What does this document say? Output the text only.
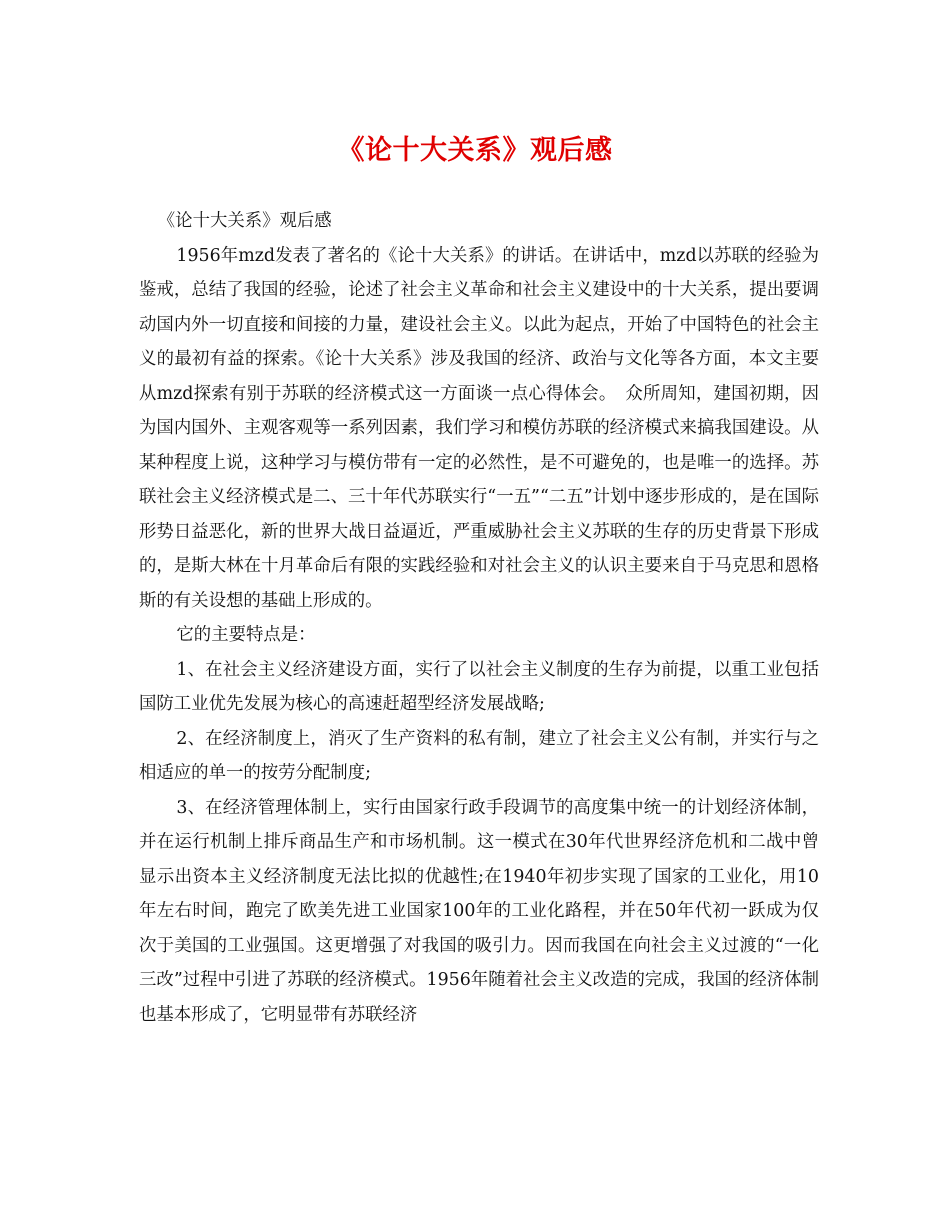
《论十大关系》观后感

《论十大关系》观后感

1956年mzd发表了著名的《论十大关系》的讲话。在讲话中，mzd以苏联的经验为鉴戒，总结了我国的经验，论述了社会主义革命和社会主义建设中的十大关系，提出要调动国内外一切直接和间接的力量，建设社会主义。以此为起点，开始了中国特色的社会主义的最初有益的探索。《论十大关系》涉及我国的经济、政治与文化等各方面，本文主要从mzd探索有别于苏联的经济模式这一方面谈一点心得体会。　众所周知，建国初期，因为国内国外、主观客观等一系列因素，我们学习和模仿苏联的经济模式来搞我国建设。从某种程度上说，这种学习与模仿带有一定的必然性，是不可避免的，也是唯一的选择。苏联社会主义经济模式是二、三十年代苏联实行“一五”“二五”计划中逐步形成的，是在国际形势日益恶化，新的世界大战日益逼近，严重威胁社会主义苏联的生存的历史背景下形成的，是斯大林在十月革命后有限的实践经验和对社会主义的认识主要来自于马克思和恩格斯的有关设想的基础上形成的。

它的主要特点是：

1、在社会主义经济建设方面，实行了以社会主义制度的生存为前提，以重工业包括国防工业优先发展为核心的高速赶超型经济发展战略;

2、在经济制度上，消灭了生产资料的私有制，建立了社会主义公有制，并实行与之相适应的单一的按劳分配制度;

3、在经济管理体制上，实行由国家行政手段调节的高度集中统一的计划经济体制，并在运行机制上排斥商品生产和市场机制。这一模式在30年代世界经济危机和二战中曾显示出资本主义经济制度无法比拟的优越性;在1940年初步实现了国家的工业化，用10年左右时间，跑完了欧美先进工业国家100年的工业化路程，并在50年代初一跃成为仅次于美国的工业强国。这更增强了对我国的吸引力。因而我国在向社会主义过渡的“一化三改”过程中引进了苏联的经济模式。1956年随着社会主义改造的完成，我国的经济体制也基本形成了，它明显带有苏联经济
